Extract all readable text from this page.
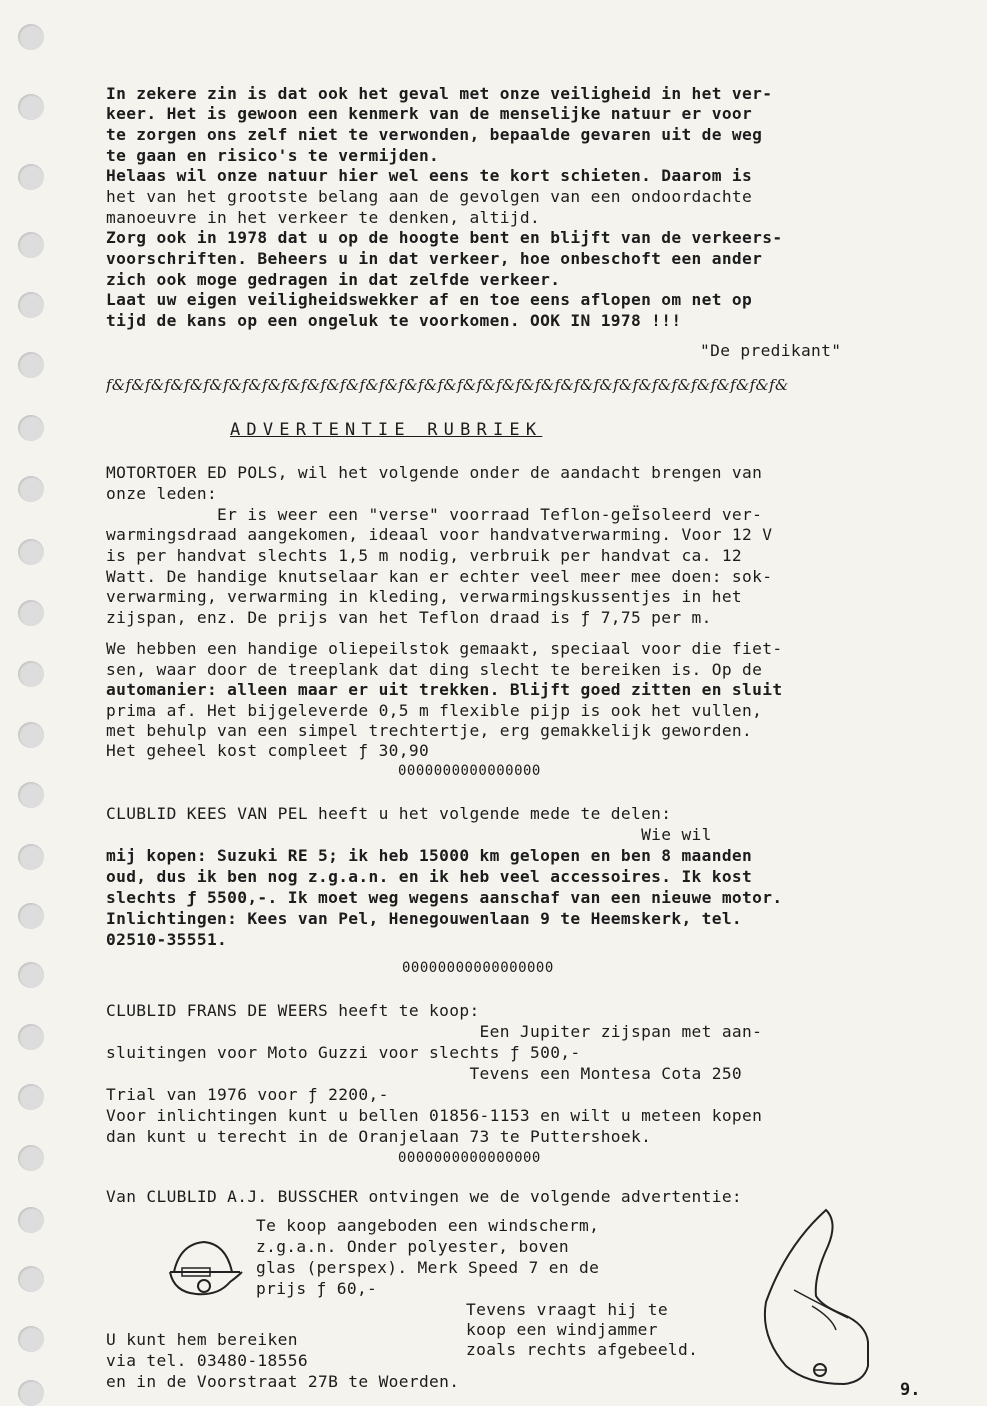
In zekere zin is dat ook het geval met onze veiligheid in het ver-

keer. Het is gewoon een kenmerk van de menselijke natuur er voor

te zorgen ons zelf niet te verwonden, bepaalde gevaren uit de weg

te gaan en risico's te vermijden.

Helaas wil onze natuur hier wel eens te kort schieten. Daarom is

het van het grootste belang aan de gevolgen van een ondoordachte

manoeuvre in het verkeer te denken, altijd.

Zorg ook in 1978 dat u op de hoogte bent en blijft van de verkeers-

voorschriften. Beheers u in dat verkeer, hoe onbeschoft een ander

zich ook moge gedragen in dat zelfde verkeer.

Laat uw eigen veiligheidswekker af en toe eens aflopen om net op

tijd de kans op een ongeluk te voorkomen. OOK IN 1978 !!!

"De predikant"

f&f&f&f&f&f&f&f&f&f&f&f&f&f&f&f&f&f&f&f&f&f&f&f&f&f&f&f&f&f&f&f&f&f&f&

ADVERTENTIE RUBRIEK

MOTORTOER ED POLS, wil het volgende onder de aandacht brengen van

onze leden:

Er is weer een "verse" voorraad Teflon-geÏsoleerd ver-

warmingsdraad aangekomen, ideaal voor handvatverwarming. Voor 12 V

is per handvat slechts 1,5 m nodig, verbruik per handvat ca. 12

Watt. De handige knutselaar kan er echter veel meer mee doen: sok-

verwarming, verwarming in kleding, verwarmingskussentjes in het

zijspan, enz. De prijs van het Teflon draad is ƒ 7,75 per m.

We hebben een handige oliepeilstok gemaakt, speciaal voor die fiet-

sen, waar door de treeplank dat ding slecht te bereiken is. Op de

automanier: alleen maar er uit trekken. Blijft goed zitten en sluit

prima af. Het bijgeleverde 0,5 m flexible pijp is ook het vullen,

met behulp van een simpel trechtertje, erg gemakkelijk geworden.

Het geheel kost compleet ƒ 30,90

0000000000000000

CLUBLID KEES VAN PEL heeft u het volgende mede te delen:

Wie wil

mij kopen: Suzuki RE 5; ik heb 15000 km gelopen en ben 8 maanden

oud, dus ik ben nog z.g.a.n. en ik heb veel accessoires. Ik kost

slechts ƒ 5500,-. Ik moet weg wegens aanschaf van een nieuwe motor.

Inlichtingen: Kees van Pel, Henegouwenlaan 9 te Heemskerk, tel.

02510-35551.

00000000000000000

CLUBLID FRANS DE WEERS heeft te koop:

Een Jupiter zijspan met aan-

sluitingen voor Moto Guzzi voor slechts ƒ 500,-

Tevens een Montesa Cota 250

Trial van 1976 voor ƒ 2200,-

Voor inlichtingen kunt u bellen 01856-1153 en wilt u meteen kopen

dan kunt u terecht in de Oranjelaan 73 te Puttershoek.

0000000000000000

Van CLUBLID A.J. BUSSCHER ontvingen we de volgende advertentie:

Te koop aangeboden een windscherm,

z.g.a.n. Onder polyester, boven

glas (perspex). Merk Speed 7 en de

prijs ƒ 60,-

Tevens vraagt hij te

koop een windjammer

zoals rechts afgebeeld.

U kunt hem bereiken

via tel. 03480-18556

en in de Voorstraat 27B te Woerden.	9.
